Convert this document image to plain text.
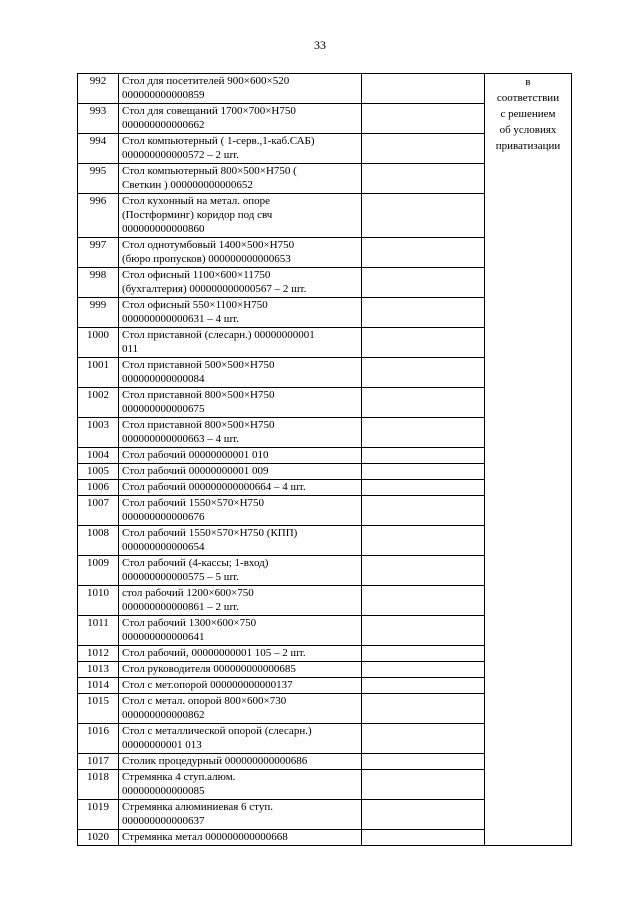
33
992	Стол для посетителей 900×600×520
000000000000859		в
соответствии
с решением
об условиях
приватизации
993	Стол для совещаний 1700×700×Н750
000000000000662		
994	Стол компьютерный ( 1-серв.,1-каб.САБ)
000000000000572 – 2 шт.		
995	Стол компьютерный 800×500×Н750 (
Светкин ) 000000000000652		
996	Стол кухонный на метал. опоре
(Постформинг) коридор под свч
000000000000860		
997	Стол однотумбовый 1400×500×Н750
(бюро пропусков) 000000000000653		
998	Стол офисный 1100×600×11750
(бухгалтерия) 000000000000567 – 2 шт.		
999	Стол офисный 550×1100×Н750
000000000000631 – 4 шт.		
1000	Стол приставной (слесарн.) 00000000001
011		
1001	Стол приставной 500×500×Н750
000000000000084		
1002	Стол приставной 800×500×Н750
000000000000675		
1003	Стол приставной 800×500×Н750
000000000000663 – 4 шт.		
1004	Стол рабочий 00000000001 010		
1005	Стол рабочий 00000000001 009		
1006	Стол рабочий 000000000000664 – 4 шт.		
1007	Стол рабочий 1550×570×Н750
000000000000676		
1008	Стол рабочий 1550×570×Н750 (КПП)
000000000000654		
1009	Стол рабочий (4-кассы; 1-вход)
000000000000575 – 5 шт.		
1010	стол рабочий 1200×600×750
000000000000861 – 2 шт.		
1011	Стол рабочий 1300×600×750
000000000000641		
1012	Стол рабочий, 00000000001 105 – 2 шт.		
1013	Стол руководителя 000000000000685		
1014	Стол с мет.опорой 000000000000137		
1015	Стол с метал. опорой 800×600×730
000000000000862		
1016	Стол с металлической опорой (слесарн.)
00000000001 013		
1017	Столик процедурный 000000000000686		
1018	Стремянка 4 ступ.алюм.
000000000000085		
1019	Стремянка алюминиевая 6 ступ.
000000000000637		
1020	Стремянка метал 000000000000668		
